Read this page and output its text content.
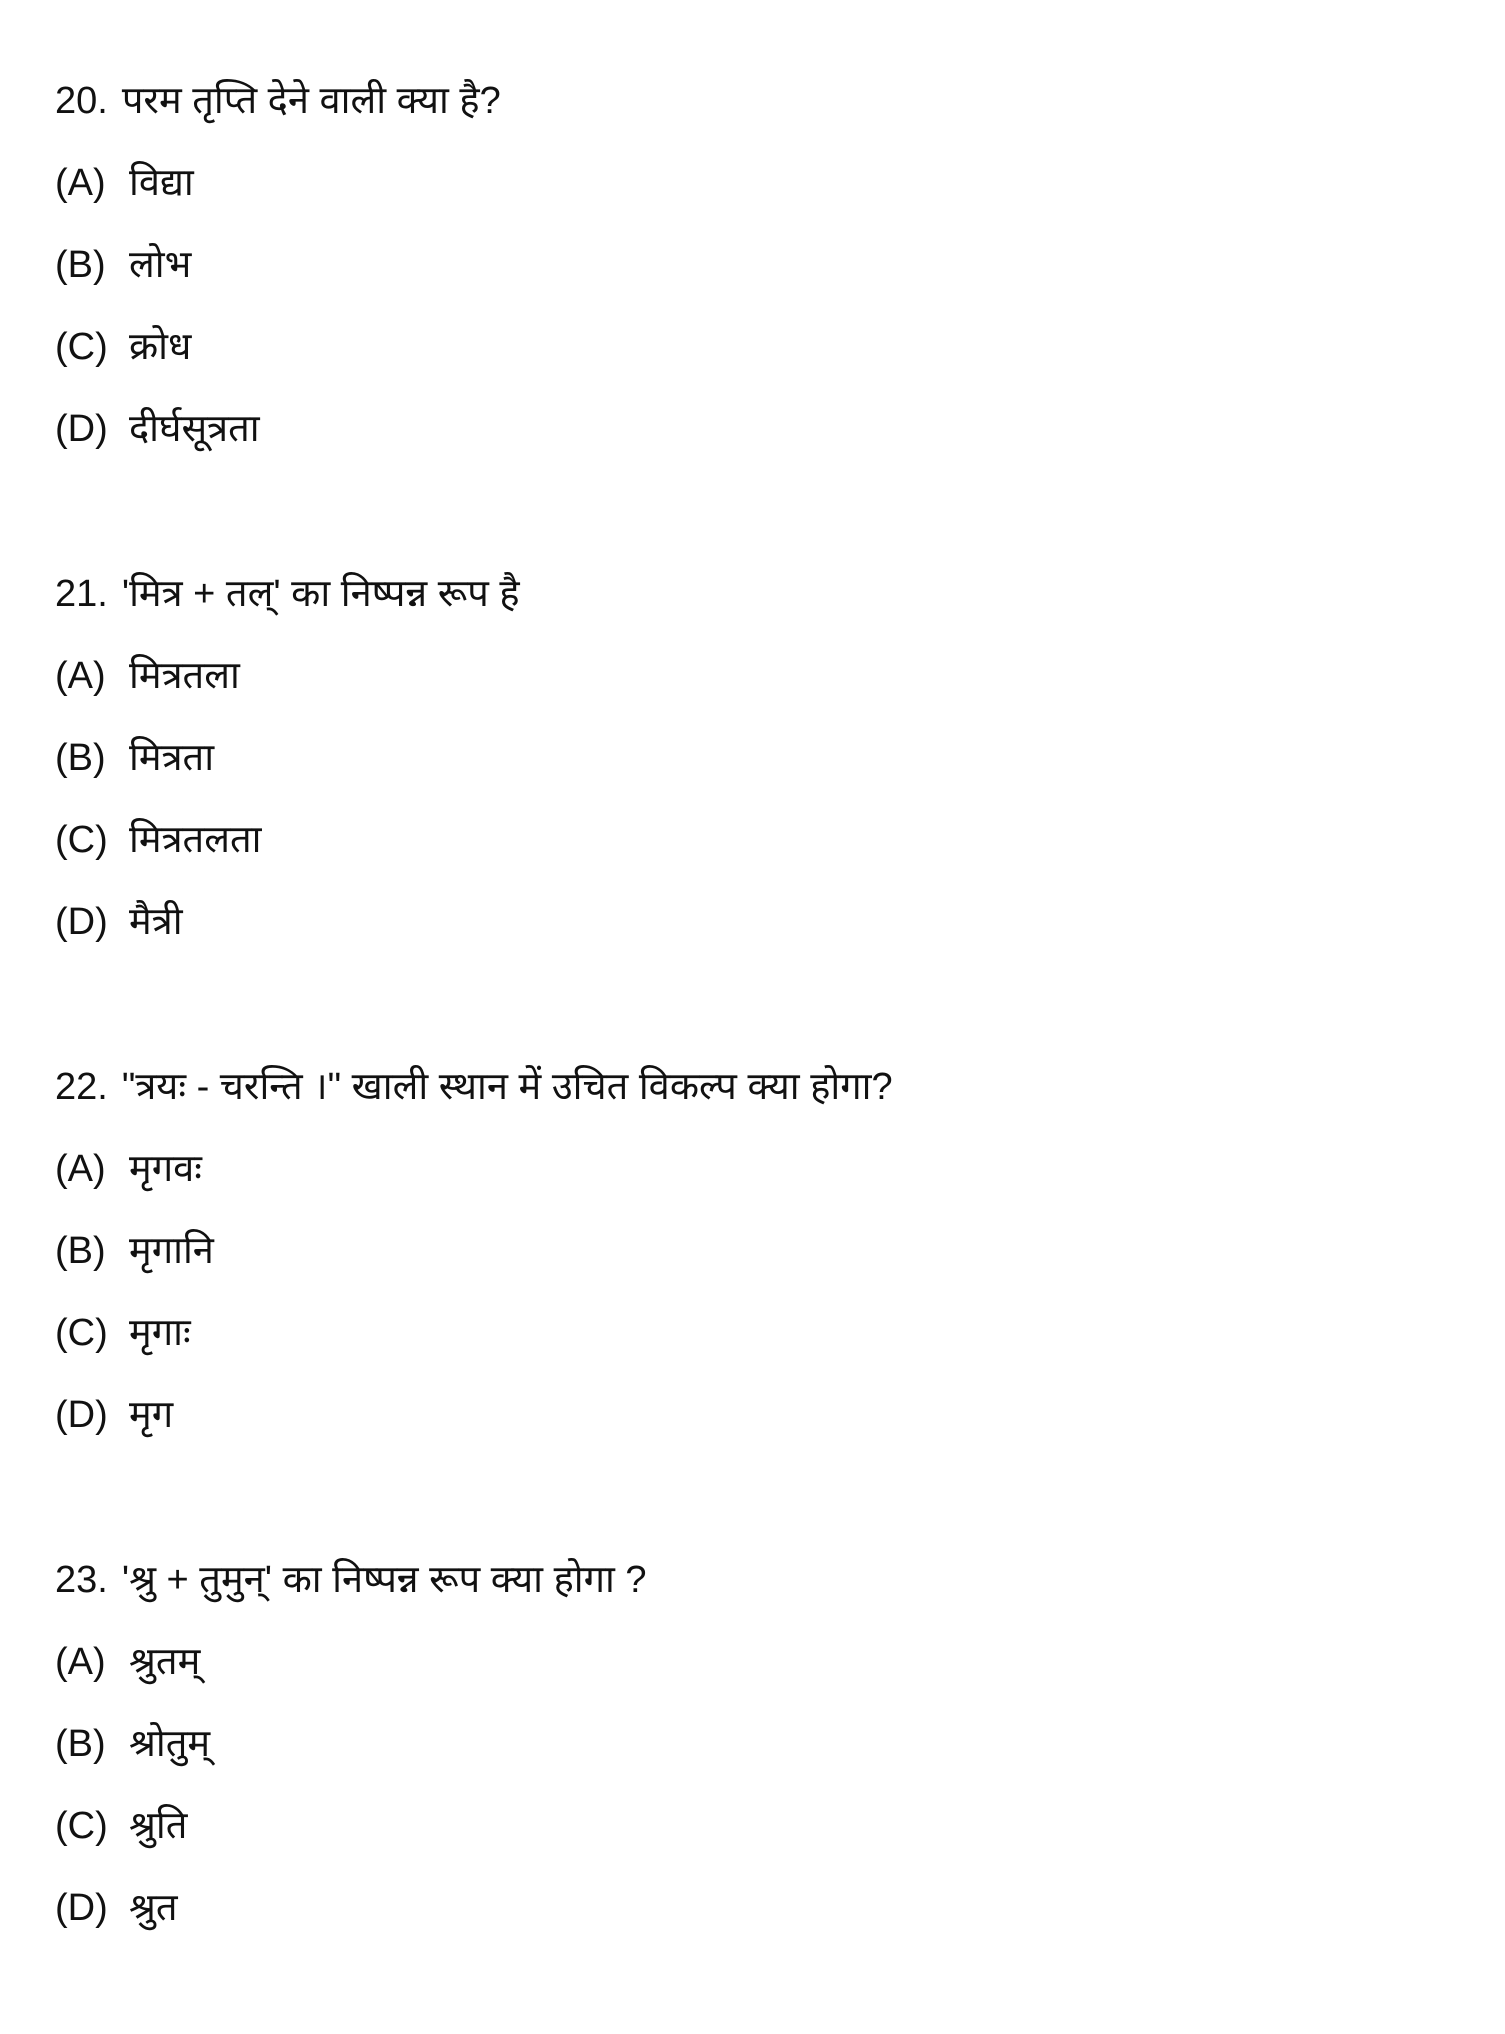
20. परम तृप्ति देने वाली क्या है?
(A) विद्या
(B) लोभ
(C) क्रोध
(D) दीर्घसूत्रता
21. 'मित्र + तल्' का निष्पन्न रूप है
(A) मित्रतला
(B) मित्रता
(C) मित्रतलता
(D) मैत्री
22. "त्रयः - चरन्ति ।" खाली स्थान में उचित विकल्प क्या होगा?
(A) मृगवः
(B) मृगानि
(C) मृगाः
(D) मृग
23. 'श्रु + तुमुन्' का निष्पन्न रूप क्या होगा ?
(A) श्रुतम्
(B) श्रोतुम्
(C) श्रुति
(D) श्रुत
